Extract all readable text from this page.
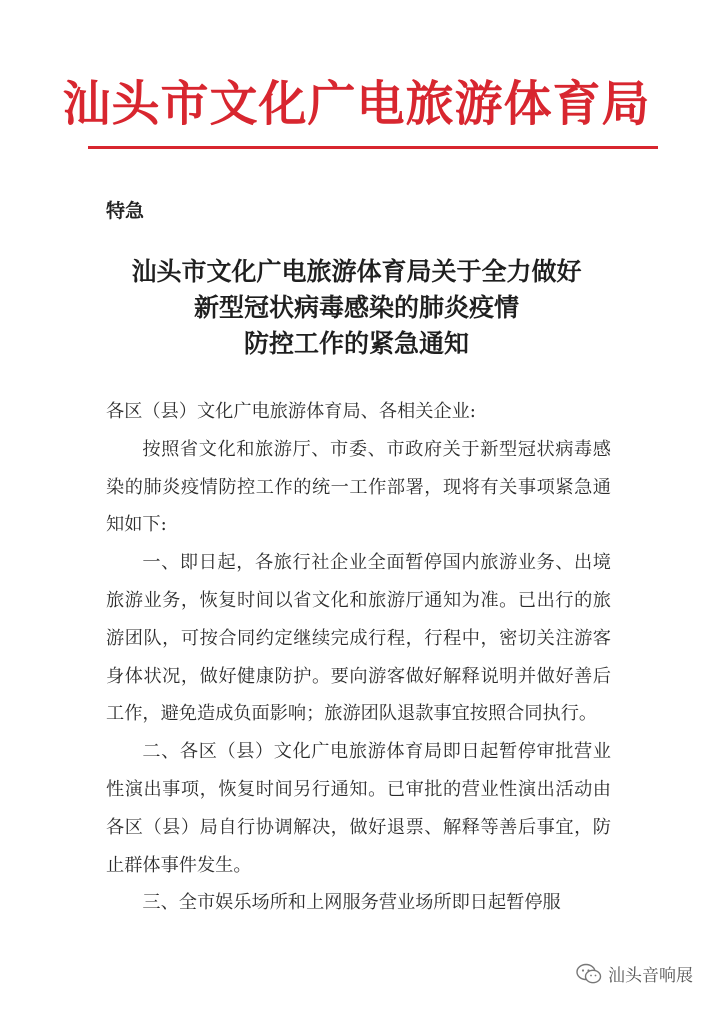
汕头市文化广电旅游体育局
特急
汕头市文化广电旅游体育局关于全力做好
新型冠状病毒感染的肺炎疫情
防控工作的紧急通知

各区（县）文化广电旅游体育局、各相关企业:

按照省文化和旅游厅、市委、市政府关于新型冠状病毒感染的肺炎疫情防控工作的统一工作部署，现将有关事项紧急通知如下:

一、即日起，各旅行社企业全面暂停国内旅游业务、出境旅游业务，恢复时间以省文化和旅游厅通知为准。已出行的旅游团队，可按合同约定继续完成行程，行程中，密切关注游客身体状况，做好健康防护。要向游客做好解释说明并做好善后工作，避免造成负面影响；旅游团队退款事宜按照合同执行。

二、各区（县）文化广电旅游体育局即日起暂停审批营业性演出事项，恢复时间另行通知。已审批的营业性演出活动由各区（县）局自行协调解决，做好退票、解释等善后事宜，防止群体事件发生。

三、全市娱乐场所和上网服务营业场所即日起暂停服

汕头音响展
